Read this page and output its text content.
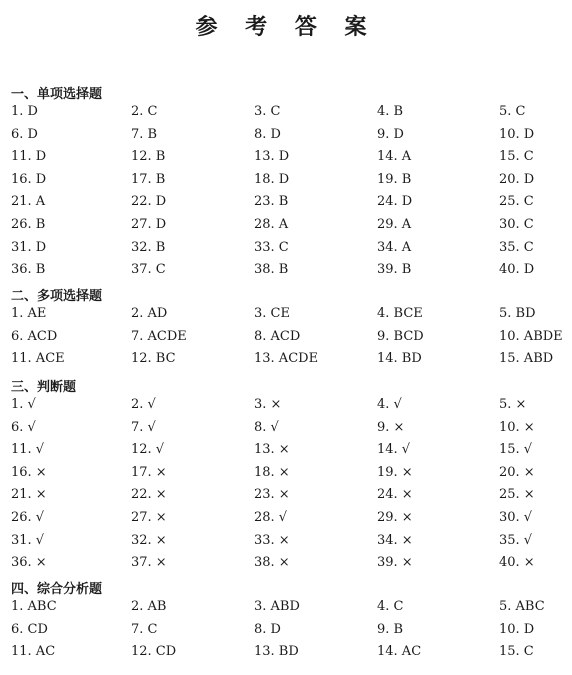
参 考 答 案
一、单项选择题
1. D	2. C	3. C	4. B	5. C
6. D	7. B	8. D	9. D	10. D
11. D	12. B	13. D	14. A	15. C
16. D	17. B	18. D	19. B	20. D
21. A	22. D	23. B	24. D	25. C
26. B	27. D	28. A	29. A	30. C
31. D	32. B	33. C	34. A	35. C
36. B	37. C	38. B	39. B	40. D
二、多项选择题
1. AE	2. AD	3. CE	4. BCE	5. BD
6. ACD	7. ACDE	8. ACD	9. BCD	10. ABDE
11. ACE	12. BC	13. ACDE	14. BD	15. ABD
三、判断题
1. √	2. √	3. ×	4. √	5. ×
6. √	7. √	8. √	9. ×	10. ×
11. √	12. √	13. ×	14. √	15. √
16. ×	17. ×	18. ×	19. ×	20. ×
21. ×	22. ×	23. ×	24. ×	25. ×
26. √	27. ×	28. √	29. ×	30. √
31. √	32. ×	33. ×	34. ×	35. √
36. ×	37. ×	38. ×	39. ×	40. ×
四、综合分析题
1. ABC	2. AB	3. ABD	4. C	5. ABC
6. CD	7. C	8. D	9. B	10. D
11. AC	12. CD	13. BD	14. AC	15. C
